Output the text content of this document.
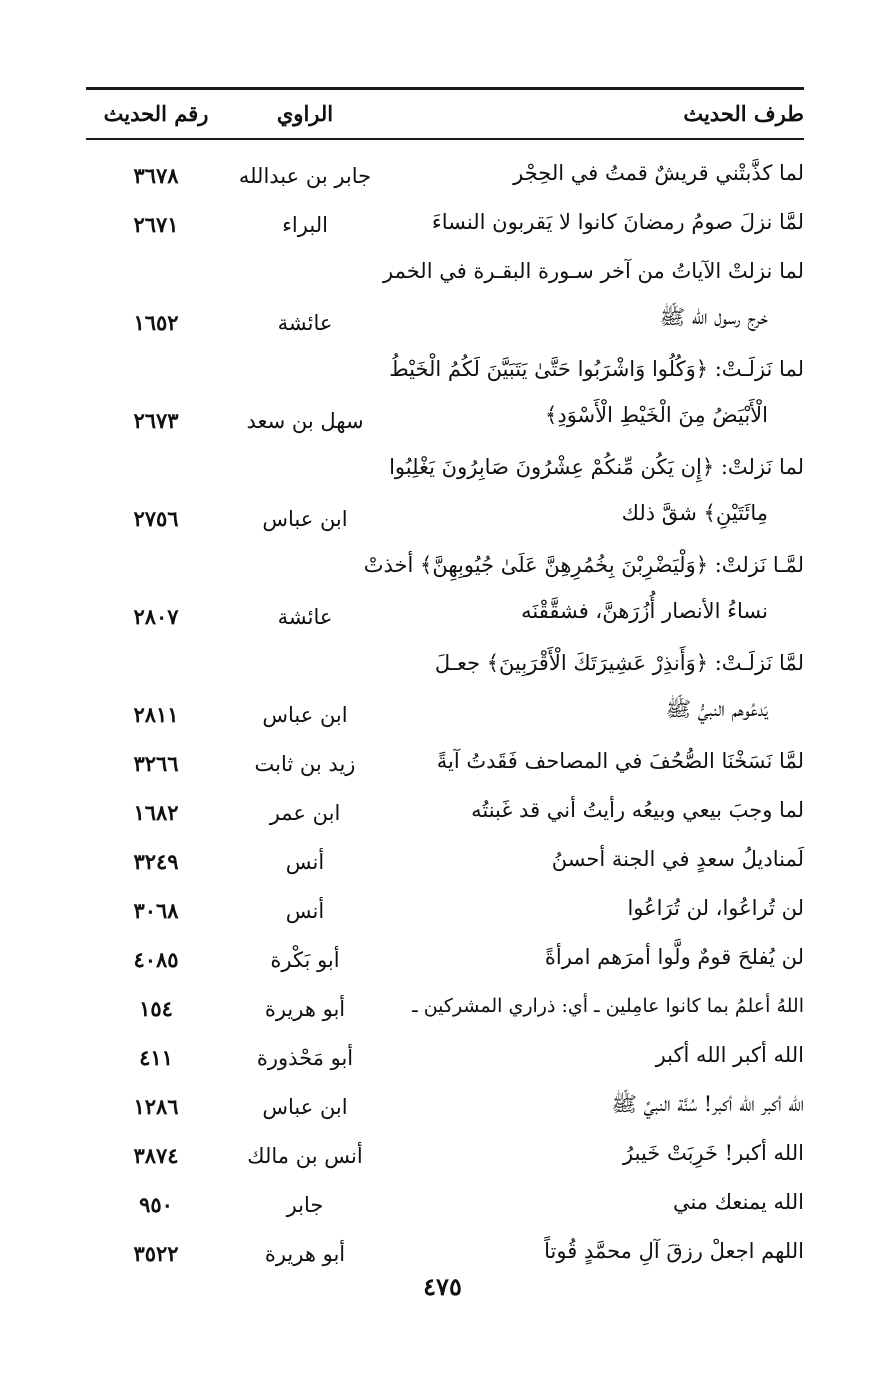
طرف الحديث
الراوي
رقم الحديث
لما كذَّبتْني قريشٌ قمتُ في الحِجْر
جابر بن عبدالله
٣٦٧٨
لمَّا نزلَ صومُ رمضانَ كانوا لا يَقربون النساءَ
البراء
٢٦٧١
لما نزلتْ الآياتُ من آخر سـورة البقـرة في الخمر
خرج رسول الله ﷺ
عائشة
١٦٥٢
لما نَزلَـتْ: ﴿وَكُلُوا وَاشْرَبُوا حَتَّىٰ يَتَبَيَّنَ لَكُمُ الْخَيْطُ
الْأَبْيَضُ مِنَ الْخَيْطِ الْأَسْوَدِ﴾
سهل بن سعد
٢٦٧٣
لما نَزلتْ: ﴿إِن يَكُن مِّنكُمْ عِشْرُونَ صَابِرُونَ يَغْلِبُوا
مِائَتَيْنِ﴾ شقَّ ذلك
ابن عباس
٢٧٥٦
لمَّـا نَزلتْ: ﴿وَلْيَضْرِبْنَ بِخُمُرِهِنَّ عَلَىٰ جُيُوبِهِنَّ﴾ أخذتْ
نساءُ الأنصار أُزُرَهنَّ، فشقَّقْنَه
عائشة
٢٨٠٧
لمَّا نَزلَـتْ: ﴿وَأَنذِرْ عَشِيرَتَكَ الْأَقْرَبِينَ﴾ جعـلَ
يَدعُوهم النبيُّ ﷺ
ابن عباس
٢٨١١
لمَّا نَسَخْنَا الصُّحُفَ في المصاحف فَقَدتُ آيةً
زيد بن ثابت
٣٢٦٦
لما وجبَ بيعي وبيعُه رأيتُ أني قد غَبنتُه
ابن عمر
١٦٨٢
لَمناديلُ سعدٍ في الجنة أحسنُ
أنس
٣٢٤٩
لن تُراعُوا، لن تُرَاعُوا
أنس
٣٠٦٨
لن يُفلحَ قومٌ ولَّوا أمرَهم امرأةً
أبو بَكْرة
٤٠٨٥
اللهُ أعلمُ بما كانوا عامِلين ـ أي: ذراري المشركين ـ
أبو هريرة
١٥٤
الله أكبر الله أكبر
أبو مَحْذورة
٤١١
الله أكبر الله أكبر! سُنَّة النبيِّ ﷺ
ابن عباس
١٢٨٦
الله أكبر! خَرِبَتْ خَيبرُ
أنس بن مالك
٣٨٧٤
الله يمنعك مني
جابر
٩٥٠
اللهم اجعلْ رزقَ آلِ محمَّدٍ قُوتاً
أبو هريرة
٣٥٢٢
٤٧٥
